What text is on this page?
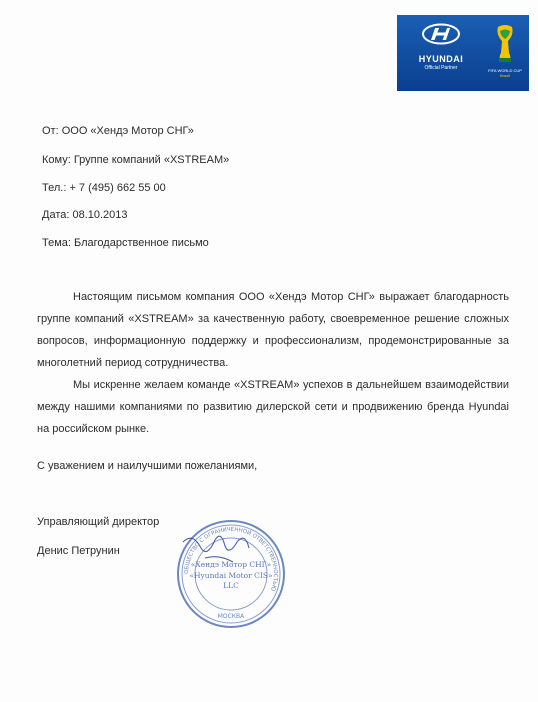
HYUNDAI
Official Partner	FIFA WORLD CUP
Brasil
От: ООО «Хендэ Мотор СНГ»
Кому: Группе компаний «XSTREAM»
Тел.: + 7 (495) 662 55 00
Дата: 08.10.2013
Тема: Благодарственное письмо
Настоящим письмом компания ООО «Хендэ Мотор СНГ» выражает благодарность группе компаний «XSTREAM» за качественную работу, своевременное решение сложных вопросов, информационную поддержку и профессионализм, продемонстрированные за многолетний период сотрудничества.
Мы искренне желаем команде «XSTREAM» успехов в дальнейшем взаимодействии между нашими компаниями по развитию дилерской сети и продвижению бренда Hyundai на российском рынке.
С уважением и наилучшими пожеланиями,
Управляющий директор
Денис Петрунин
ОБЩЕСТВО С ОГРАНИЧЕННОЙ ОТВЕТСТВЕННОСТЬЮ
«Хендэ Мотор СНГ»
«Hyundai Motor CIS»
LLC
МОСКВА
